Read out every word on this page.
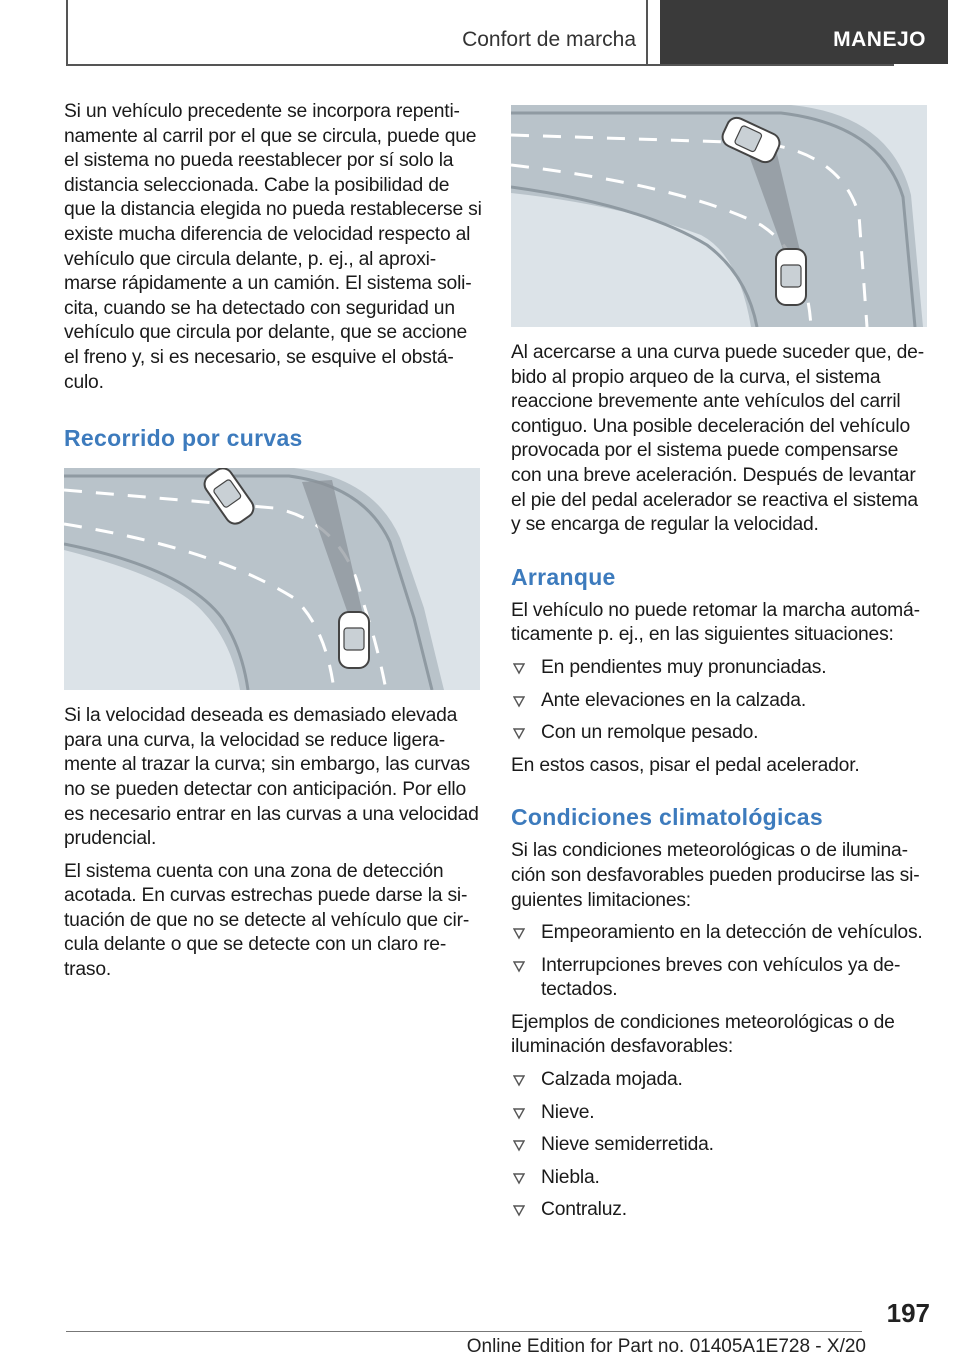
Confort de marcha	MANEJO

Si un vehículo precedente se incorpora repentinamente al carril por el que se circula, puede que el sistema no pueda reestablecer por sí solo la distancia seleccionada. Cabe la posibilidad de que la distancia elegida no pueda restablecerse si existe mucha diferencia de velocidad respecto al vehículo que circula delante, p. ej., al aproximarse rápidamente a un camión. El sistema solicita, cuando se ha detectado con seguridad un vehículo que circula por delante, que se accione el freno y, si es necesario, se esquive el obstáculo.

Recorrido por curvas

Si la velocidad deseada es demasiado elevada para una curva, la velocidad se reduce ligeramente al trazar la curva; sin embargo, las curvas no se pueden detectar con anticipación. Por ello es necesario entrar en las curvas a una velocidad prudencial.

El sistema cuenta con una zona de detección acotada. En curvas estrechas puede darse la situación de que no se detecte al vehículo que circula delante o que se detecte con un claro retraso.

Al acercarse a una curva puede suceder que, debido al propio arqueo de la curva, el sistema reaccione brevemente ante vehículos del carril contiguo. Una posible deceleración del vehículo provocada por el sistema puede compensarse con una breve aceleración. Después de levantar el pie del pedal acelerador se reactiva el sistema y se encarga de regular la velocidad.

Arranque

El vehículo no puede retomar la marcha automáticamente p. ej., en las siguientes situaciones:

En pendientes muy pronunciadas.
Ante elevaciones en la calzada.
Con un remolque pesado.

En estos casos, pisar el pedal acelerador.

Condiciones climatológicas

Si las condiciones meteorológicas o de iluminación son desfavorables pueden producirse las siguientes limitaciones:

Empeoramiento en la detección de vehículos.
Interrupciones breves con vehículos ya detectados.

Ejemplos de condiciones meteorológicas o de iluminación desfavorables:

Calzada mojada.
Nieve.
Nieve semiderretida.
Niebla.
Contraluz.
197
Online Edition for Part no. 01405A1E728 - X/20
